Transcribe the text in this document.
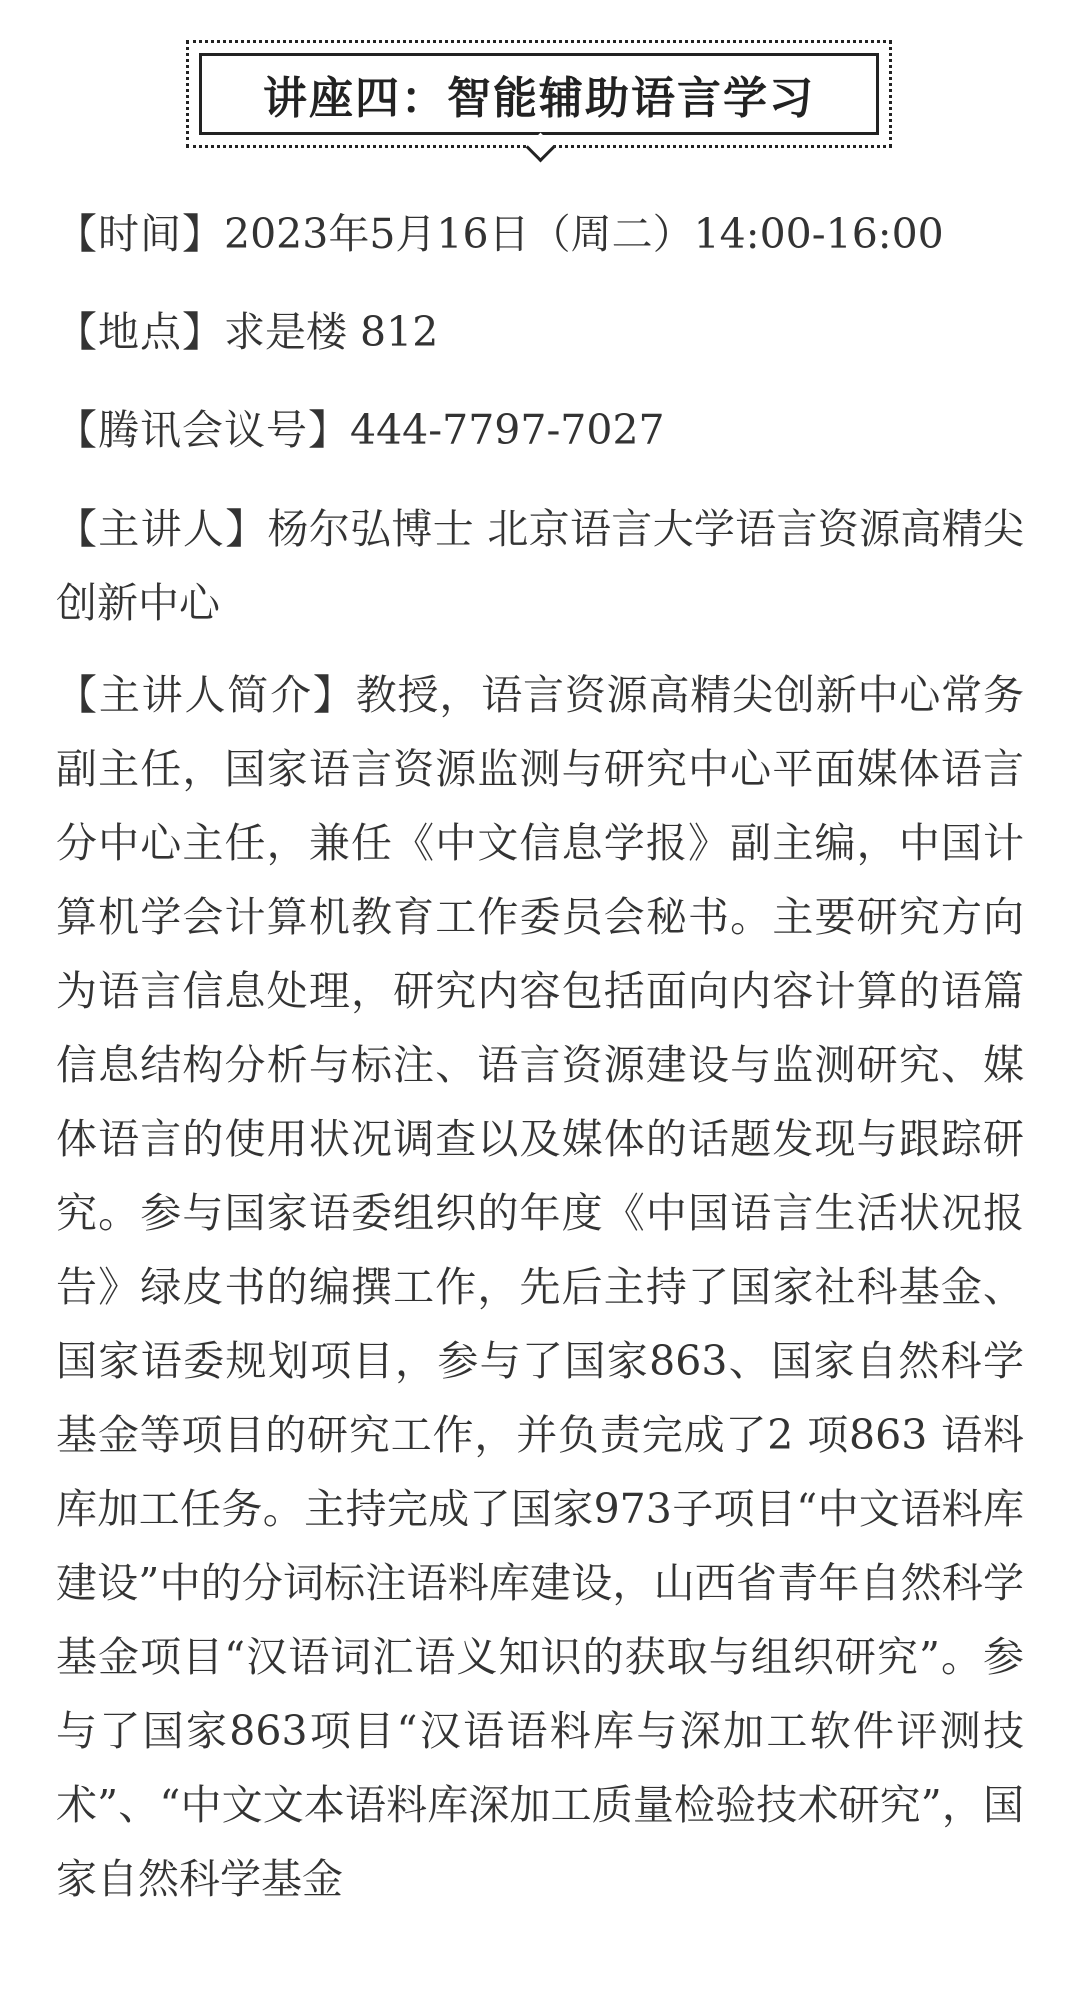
讲座四：智能辅助语言学习
【时间】2023年5月16日（周二）14:00-16:00
【地点】求是楼 812
【腾讯会议号】444-7797-7027
【主讲人】杨尔弘博士 北京语言大学语言资源高精尖创新中心
【主讲人简介】教授，语言资源高精尖创新中心常务副主任，国家语言资源监测与研究中心平面媒体语言分中心主任，兼任《中文信息学报》副主编，中国计算机学会计算机教育工作委员会秘书。主要研究方向为语言信息处理，研究内容包括面向内容计算的语篇信息结构分析与标注、语言资源建设与监测研究、媒体语言的使用状况调查以及媒体的话题发现与跟踪研究。参与国家语委组织的年度《中国语言生活状况报告》绿皮书的编撰工作，先后主持了国家社科基金、国家语委规划项目，参与了国家863、国家自然科学基金等项目的研究工作，并负责完成了2 项863 语料库加工任务。主持完成了国家973子项目“中文语料库建设”中的分词标注语料库建设，山西省青年自然科学基金项目“汉语词汇语义知识的获取与组织研究”。参与了国家863项目“汉语语料库与深加工软件评测技术”、“中文文本语料库深加工质量检验技术研究”，国家自然科学基金
